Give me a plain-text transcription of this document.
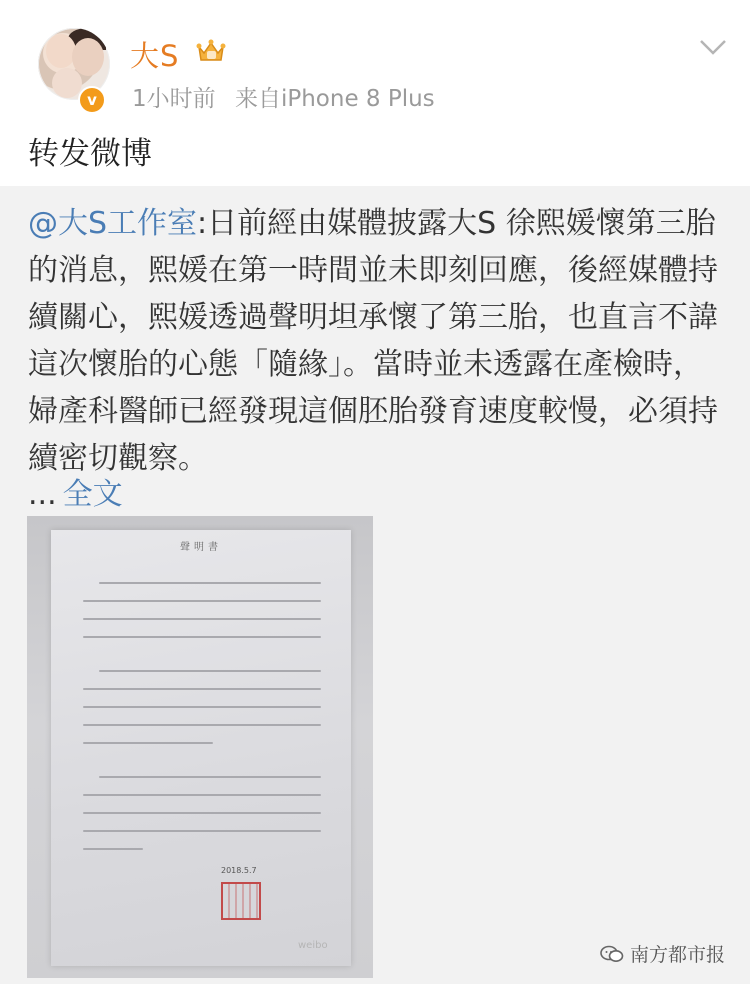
v
大S
1小时前 来自iPhone 8 Plus
转发微博
@大S工作室:日前經由媒體披露大S 徐熙媛懷第三胎的消息，熙媛在第一時間並未即刻回應，後經媒體持續關心，熙媛透過聲明坦承懷了第三胎，也直言不諱這次懷胎的心態「隨緣」。當時並未透露在產檢時，婦產科醫師已經發現這個胚胎發育速度較慢，必須持續密切觀察。
... 全文
聲明書
2018.5.7
weibo	南方都市报
